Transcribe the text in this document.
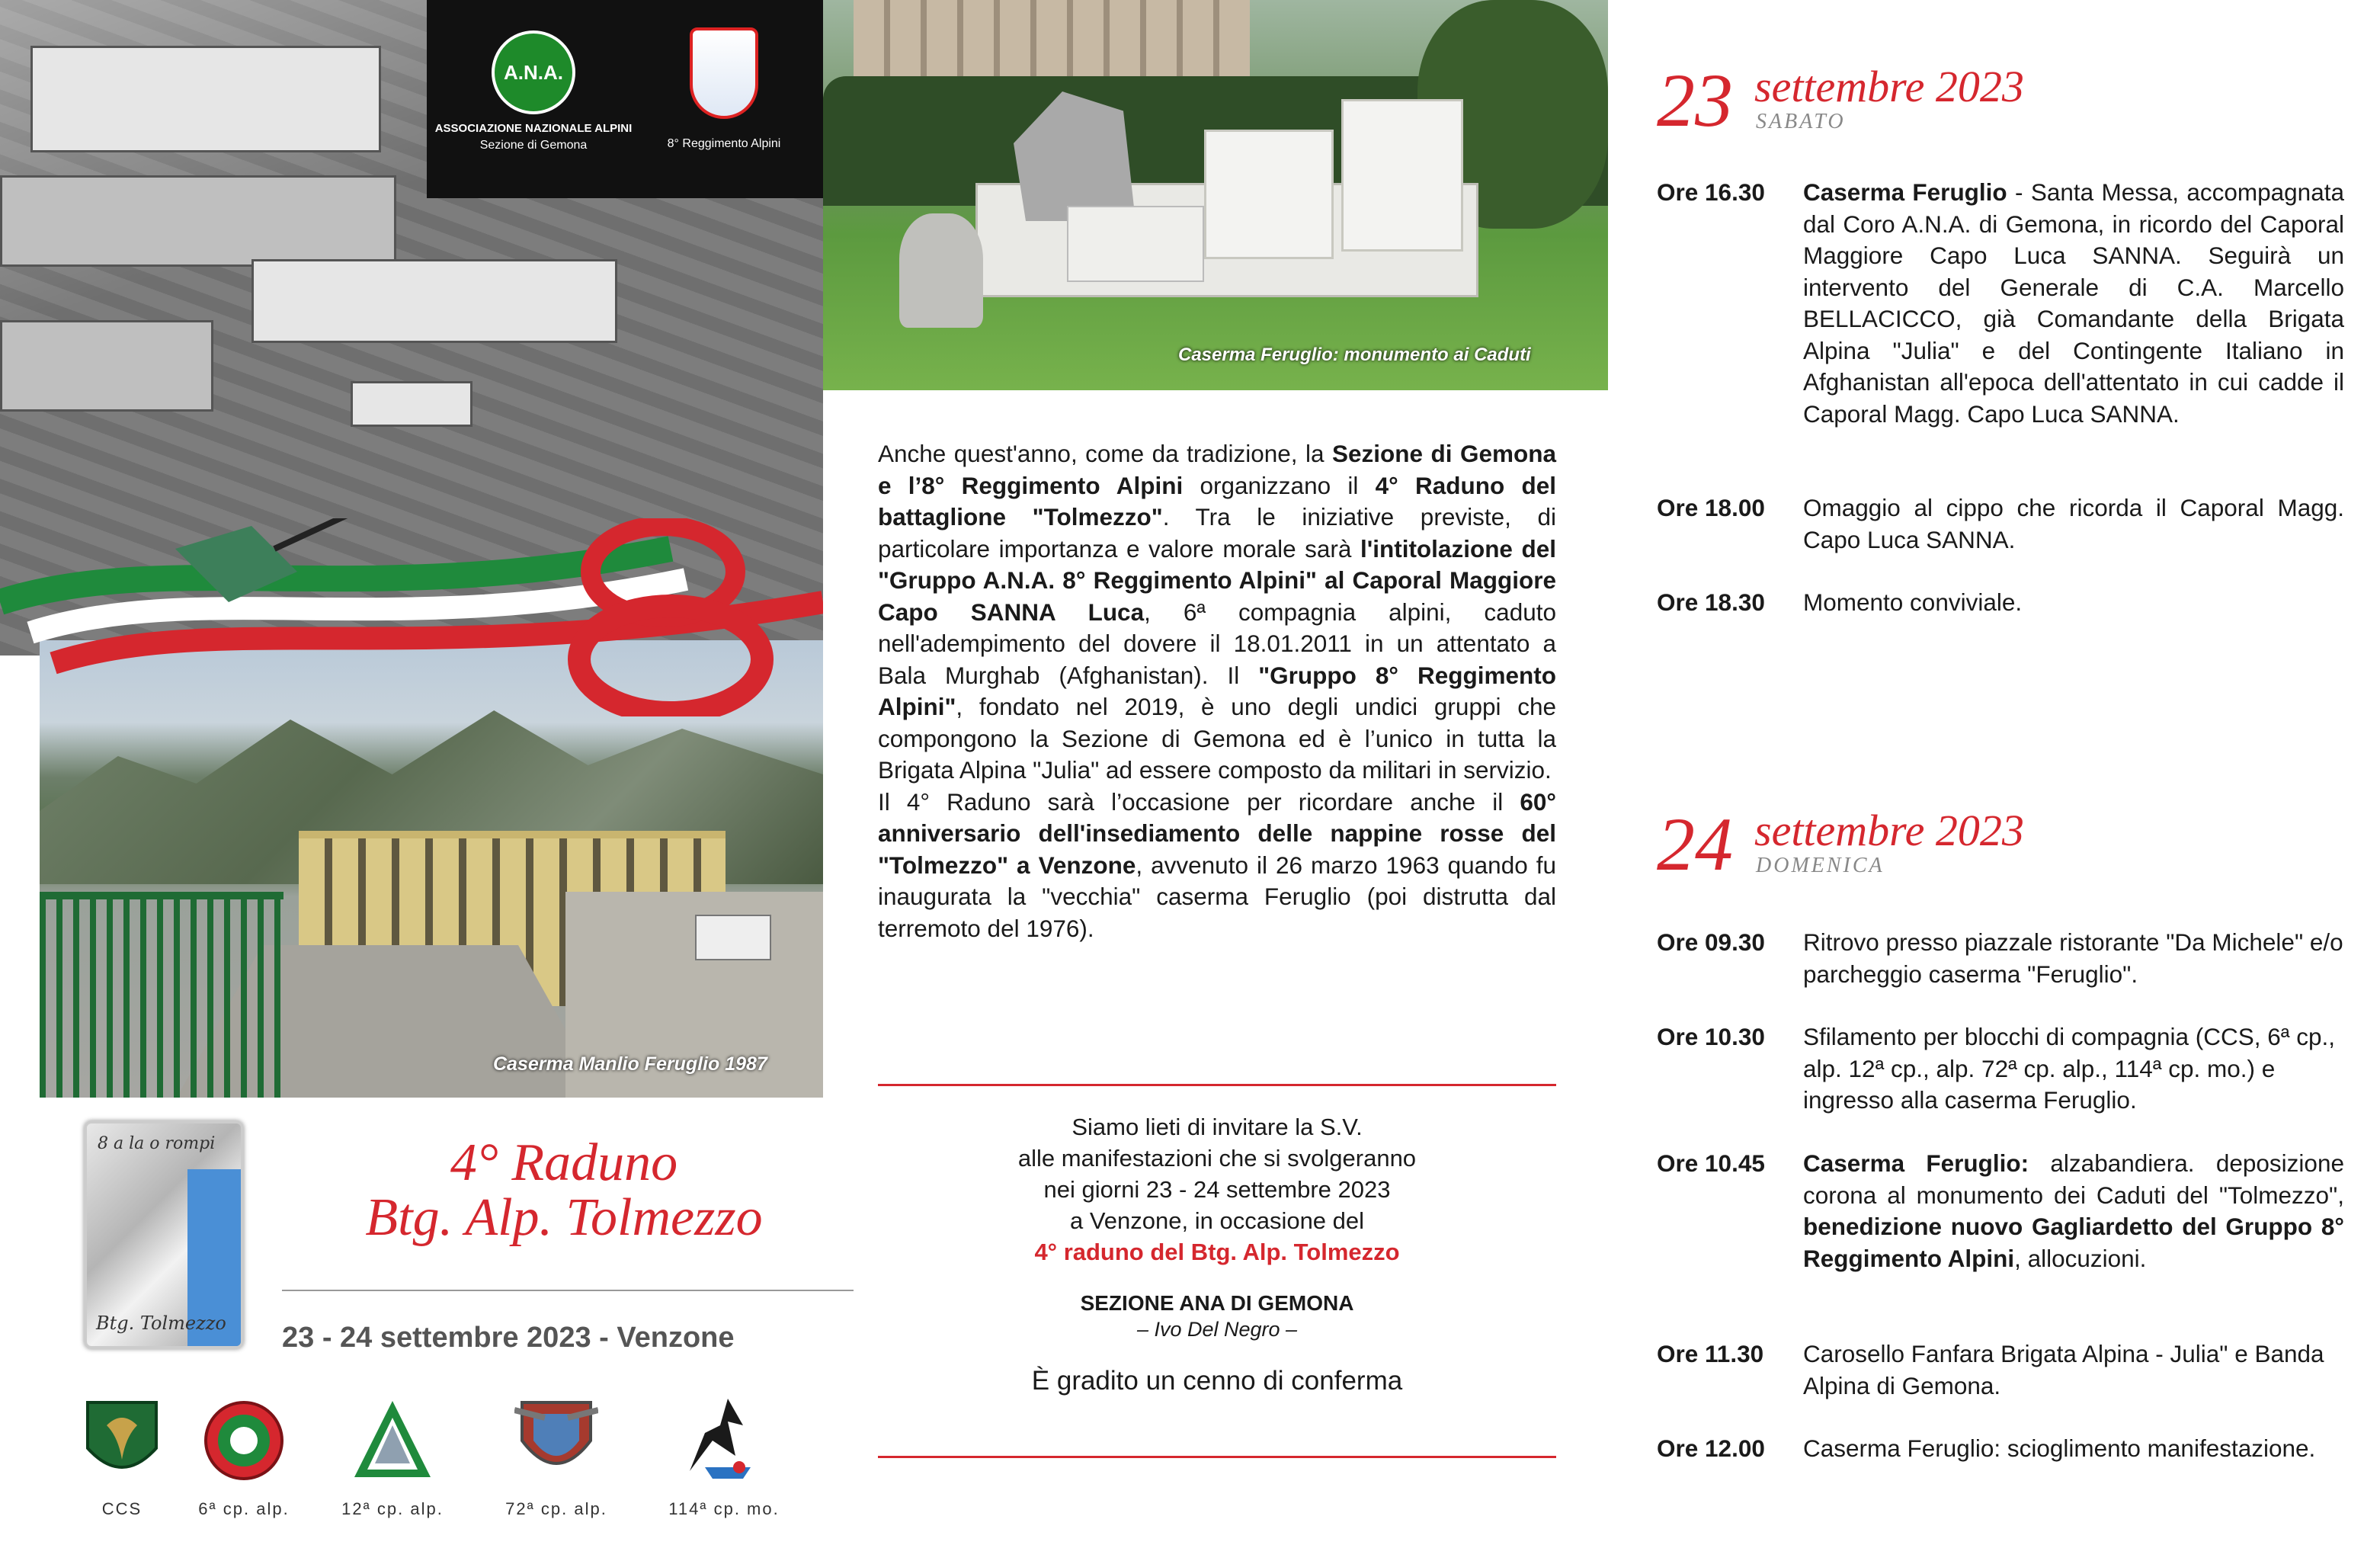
A.N.A.
ASSOCIAZIONE NAZIONALE ALPINI
Sezione di Gemona	8° Reggimento Alpini
Caserma Manlio Feruglio 1987
8 a la o rompi
Btg. Tolmezzo
4° Raduno
Btg. Alp. Tolmezzo
23 - 24 settembre 2023 - Venzone
CCS	6ª cp. alp.	12ª cp. alp.	72ª cp. alp.	114ª cp. mo.
Caserma Feruglio: monumento ai Caduti
Anche quest'anno, come da tradizione, la Sezione di Gemona e l’8° Reggimento Alpini organizzano il 4° Raduno del battaglione "Tolmezzo". Tra le iniziative previste, di particolare importanza e valore morale sarà l'intitolazione del "Gruppo A.N.A. 8° Reggimento Alpini" al Caporal Maggiore Capo SANNA Luca, 6ª compagnia alpini, caduto nell'adempimento del dovere il 18.01.2011 in un attentato a Bala Murghab (Afghanistan). Il "Gruppo 8° Reggimento Alpini", fondato nel 2019, è uno degli undici gruppi che compongono la Sezione di Gemona ed è l’unico in tutta la Brigata Alpina "Julia" ad essere composto da militari in servizio.
Il 4° Raduno sarà l’occasione per ricordare anche il 60° anniversario dell'insediamento delle nappine rosse del "Tolmezzo" a Venzone, avvenuto il 26 marzo 1963 quando fu inaugurata la "vecchia" caserma Feruglio (poi distrutta dal terremoto del 1976).
Siamo lieti di invitare la S.V.
alle manifestazioni che si svolgeranno
nei giorni 23 - 24 settembre 2023
a Venzone, in occasione del
4° raduno del Btg. Alp. Tolmezzo
SEZIONE ANA DI GEMONA
– Ivo Del Negro –
È gradito un cenno di conferma
23 settembre 2023
SABATO
Ore 16.30	Caserma Feruglio - Santa Messa, accompagnata dal Coro A.N.A. di Gemona, in ricordo del Caporal Maggiore Capo Luca SANNA. Seguirà un intervento del Generale di C.A. Marcello BELLACICCO, già Comandante della Brigata Alpina "Julia" e del Contingente Italiano in Afghanistan all'epoca dell'attentato in cui cadde il Caporal Magg. Capo Luca SANNA.
Ore 18.00	Omaggio al cippo che ricorda il Caporal Magg. Capo Luca SANNA.
Ore 18.30	Momento conviviale.
24 settembre 2023
DOMENICA
Ore 09.30	Ritrovo presso piazzale ristorante "Da Michele" e/o parcheggio caserma "Feruglio".
Ore 10.30	Sfilamento per blocchi di compagnia (CCS, 6ª cp., alp. 12ª cp., alp. 72ª cp. alp., 114ª cp. mo.) e ingresso alla caserma Feruglio.
Ore 10.45	Caserma Feruglio: alzabandiera. deposizione corona al monumento dei Caduti del "Tolmezzo", benedizione nuovo Gagliardetto del Gruppo 8° Reggimento Alpini, allocuzioni.
Ore 11.30	Carosello Fanfara Brigata Alpina - Julia" e Banda Alpina di Gemona.
Ore 12.00	Caserma Feruglio: scioglimento manifestazione.
